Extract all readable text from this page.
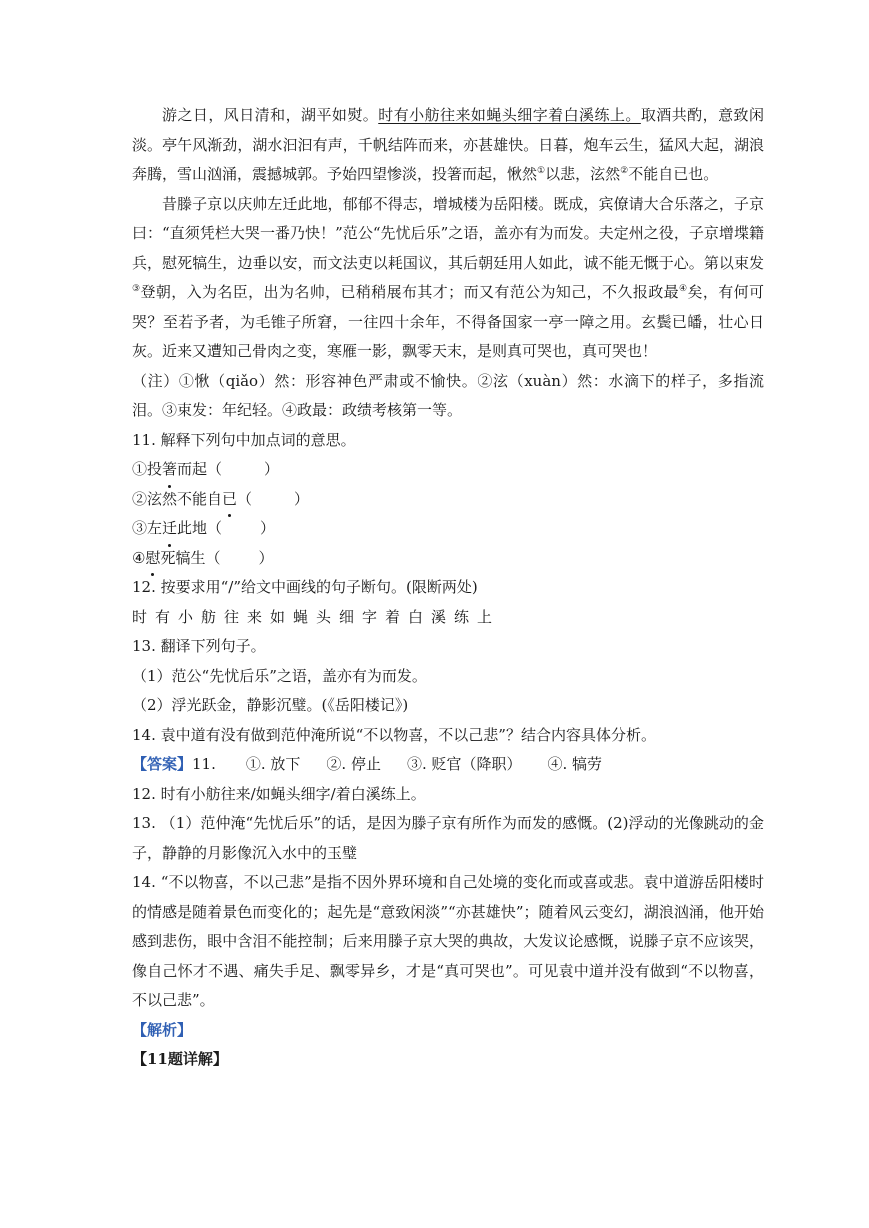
游之日，风日清和，湖平如熨。时有小舫往来如蝇头细字着白溪练上。取酒共酌，意致闲淡。亭午风渐劲，湖水汩汩有声，千帆结阵而来，亦甚雄快。日暮，炮车云生，猛风大起，湖浪奔腾，雪山汹涌，震撼城郭。予始四望惨淡，投箸而起，愀然①以悲，泫然②不能自已也。

昔滕子京以庆帅左迁此地，郁郁不得志，增城楼为岳阳楼。既成，宾僚请大合乐落之，子京曰：“直须凭栏大哭一番乃快！”范公“先忧后乐”之语，盖亦有为而发。夫定州之役，子京增堞籍兵，慰死犒生，边垂以安，而文法吏以耗国议，其后朝廷用人如此，诚不能无慨于心。第以束发③登朝，入为名臣，出为名帅，已稍稍展布其才；而又有范公为知己，不久报政最④矣，有何可哭？至若予者，为毛锥子所窘，一往四十余年，不得备国家一亭一障之用。玄鬓已皤，壮心日灰。近来又遭知己骨肉之变，寒雁一影，飘零天末，是则真可哭也，真可哭也！

（注）①愀（qiǎo）然：形容神色严肃或不愉快。②泫（xuàn）然：水滴下的样子，多指流泪。③束发：年纪轻。④政最：政绩考核第一等。

11. 解释下列句中加点词的意思。

①投箸而起（	）

②泫然不能自已（	）

③左迁此地（	）

④慰死犒生（	）

12. 按要求用“/”给文中画线的句子断句。(限断两处)

时有小舫往来如蝇头细字着白溪练上

13. 翻译下列句子。

（1）范公“先忧后乐”之语，盖亦有为而发。

（2）浮光跃金，静影沉璧。(《岳阳楼记》)

14. 袁中道有没有做到范仲淹所说“不以物喜，不以己悲”？结合内容具体分析。

【答案】11. ①. 放下 ②. 停止 ③. 贬官（降职） ④. 犒劳

12. 时有小舫往来/如蝇头细字/着白溪练上。

13. （1）范仲淹“先忧后乐”的话，是因为滕子京有所作为而发的感慨。(2)浮动的光像跳动的金子，静静的月影像沉入水中的玉璧

14. “不以物喜，不以己悲”是指不因外界环境和自己处境的变化而或喜或悲。袁中道游岳阳楼时的情感是随着景色而变化的；起先是“意致闲淡”“亦甚雄快”；随着风云变幻，湖浪汹涌，他开始感到悲伤，眼中含泪不能控制；后来用滕子京大哭的典故，大发议论感慨，说滕子京不应该哭，像自己怀才不遇、痛失手足、飘零异乡，才是“真可哭也”。可见袁中道并没有做到“不以物喜，不以己悲”。

【解析】

【11题详解】
